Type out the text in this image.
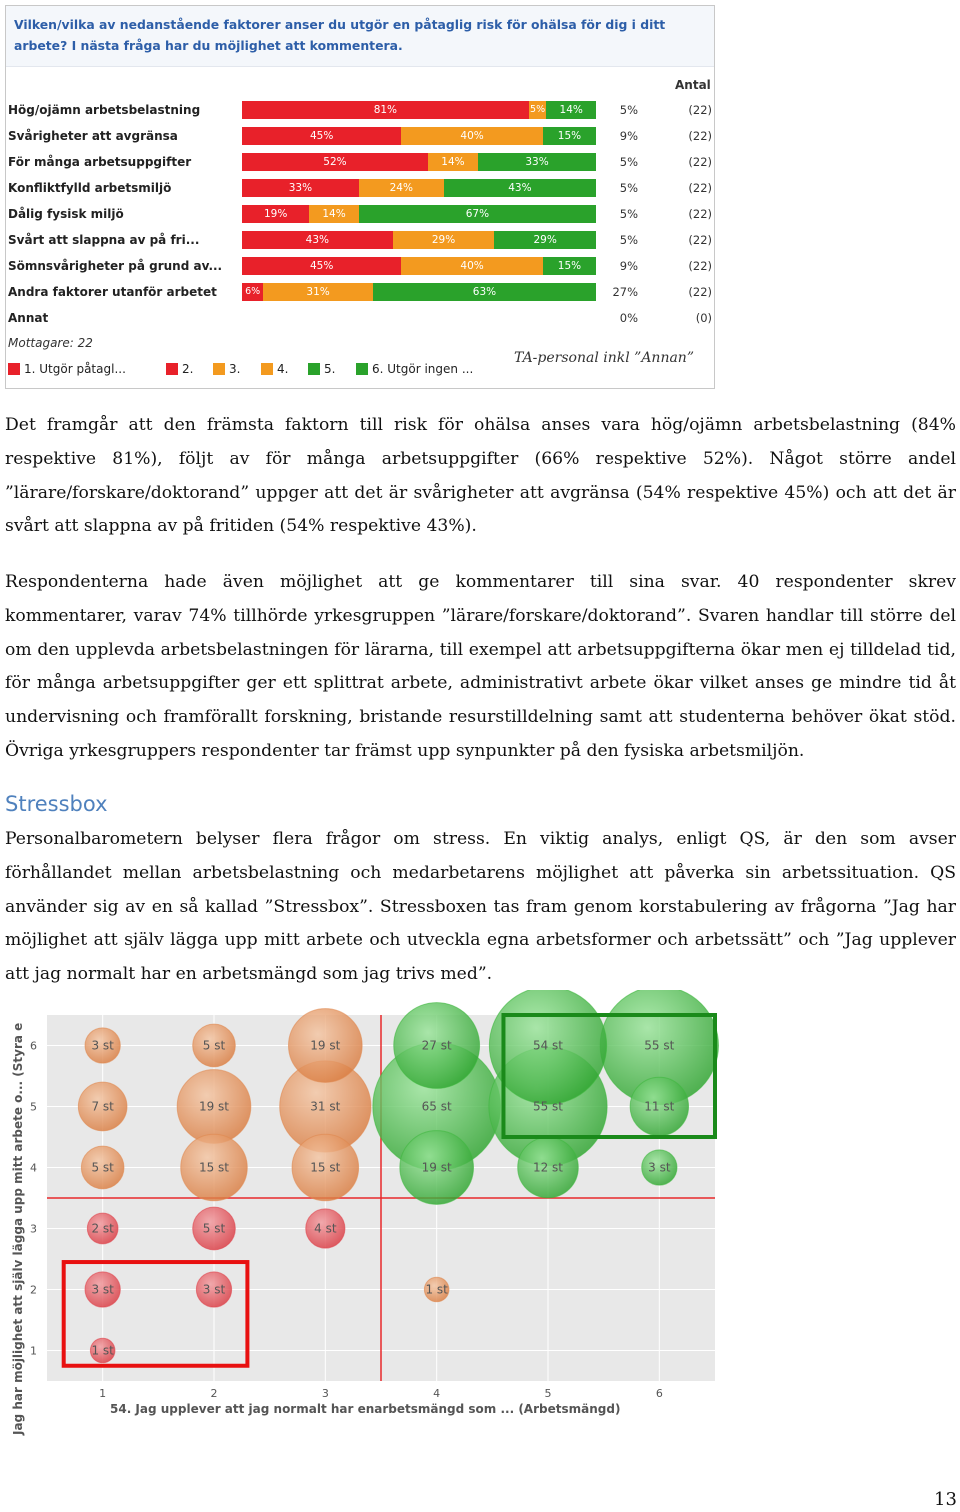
Vilken/vilka av nedanstående faktorer anser du utgör en påtaglig risk för ohälsa för dig i ditt arbete? I nästa fråga har du möjlighet att kommentera.
Antal
Hög/ojämn arbetsbelastning	81%	5%	14%	5%	(22)
Svårigheter att avgränsa	45%	40%	15%	9%	(22)
För många arbetsuppgifter	52%	14%	33%	5%	(22)
Konfliktfylld arbetsmiljö	33%	24%	43%	5%	(22)
Dålig fysisk miljö	19%	14%	67%	5%	(22)
Svårt att slappna av på fri...	43%	29%	29%	5%	(22)
Sömnsvårigheter på grund av...	45%	40%	15%	9%	(22)
Andra faktorer utanför arbetet	6%	31%	63%	27%	(22)
Annat	0%	(0)
Mottagare: 22
1. Utgör påtagl...	2.	3.	4.	5.	6. Utgör ingen ...
TA-personal inkl ”Annan”
Det framgår att den främsta faktorn till risk för ohälsa anses vara hög/ojämn arbetsbelastning (84% respektive 81%), följt av för många arbetsuppgifter (66% respektive 52%). Något större andel ”lärare/forskare/doktorand” uppger att det är svårigheter att avgränsa (54% respektive 45%) och att det är svårt att slappna av på fritiden (54% respektive 43%).
Respondenterna hade även möjlighet att ge kommentarer till sina svar. 40 respondenter skrev kommentarer, varav 74% tillhörde yrkesgruppen ”lärare/forskare/doktorand”. Svaren handlar till större del om den upplevda arbetsbelastningen för lärarna, till exempel att arbetsuppgifterna ökar men ej tilldelad tid, för många arbetsuppgifter ger ett splittrat arbete, administrativt arbete ökar vilket anses ge mindre tid åt undervisning och framförallt forskning, bristande resurstilldelning samt att studenterna behöver ökat stöd. Övriga yrkesgruppers respondenter tar främst upp synpunkter på den fysiska arbetsmiljön.
Stressbox
Personalbarometern belyser flera frågor om stress. En viktig analys, enligt QS, är den som avser förhållandet mellan arbetsbelastning och medarbetarens möjlighet att påverka sin arbetssituation. QS använder sig av en så kallad ”Stressbox”. Stressboxen tas fram genom korstabulering av frågorna ”Jag har möjlighet att själv lägga upp mitt arbete och utveckla egna arbetsformer och arbetssätt” och ”Jag upplever att jag normalt har en arbetsmängd som jag trivs med”.
3 st	5 st	19 st	27 st	54 st	55 st
7 st	19 st	31 st	65 st	55 st	11 st
5 st	15 st	15 st	19 st	12 st	3 st
2 st	5 st	4 st
3 st	3 st	1 st
1 st
1	2	3	4	5	6
1
2
3
4
5
6
54. Jag upplever att jag normalt har enarbetsmängd som ... (Arbetsmängd)
Jag har möjlighet att själv lägga upp mitt arbete o... (Styra e
13
